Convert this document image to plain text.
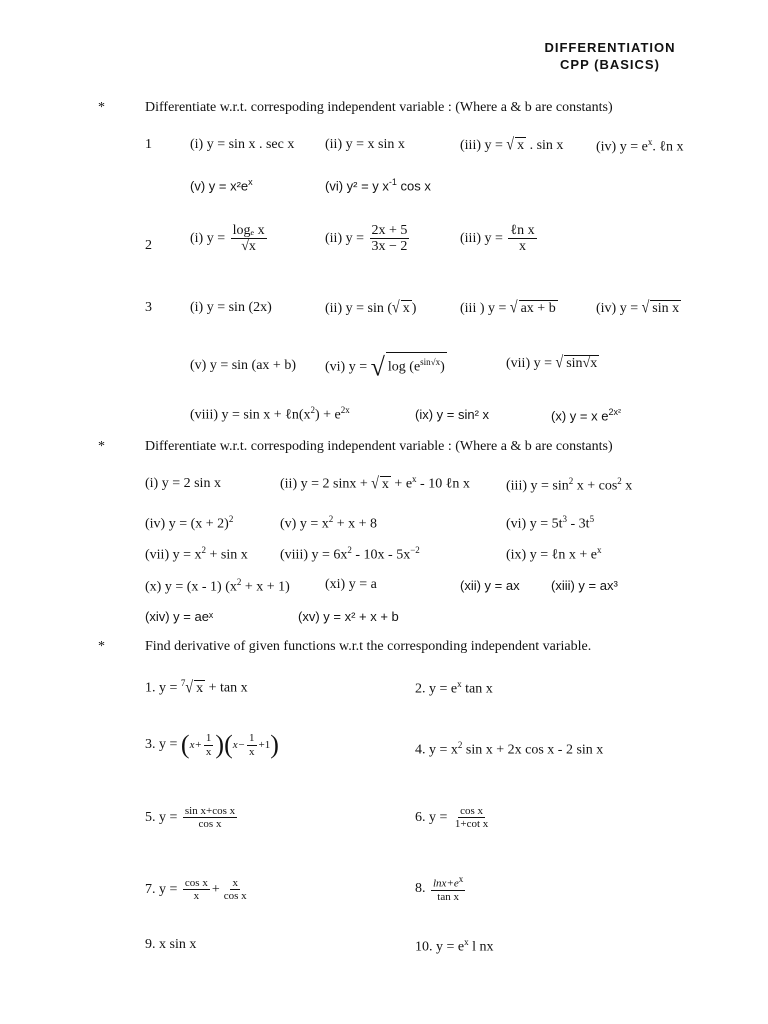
DIFFERENTIATION
CPP (BASICS)
*	Differentiate w.r.t. correspoding independent variable : (Where a & b are constants)
1	(i) y = sin x . sec x (ii) y = x sin x	(iii) y = √ x . sin x (iv) $y = e^x$. ℓn x
(v) $y = x^2e^x$	(vi) y² = y $x^{-1}$ cos x
2	(i) $y = \frac{\text{logₑ x}}{√x}$	(ii) $y = \frac{2x + 5}{3x - 2}$	(iii) $y = \frac{\text{ℓn x}}{x}$
3	(i) y = sin (2x)	(ii) y = sin (√ x )	(iii ) y = √ ax + b	(iv) y = √ sin x
(v) y = sin (ax + b) (vi) y = √ $\log (e^{sin√x})$	(vii) y = √ sin√x
(viii) $y = \sin x + \ell n(x^2) + e^{2x}$	(ix) y = sin² x	(x) y = x $e^{2x^2}$
*	Differentiate w.r.t. correspoding independent variable : (Where a & b are constants)
(i) y = 2 sin x	(ii) y = 2 sinx + √ $x + e^x - 10$ ℓn x	(iii) $y = \sin^2 x + \cos^2 x$
(iv) $y = (x + 2)^2$	(v) $y = x^2 + x + 8$	(vi) $y = 5t^3 - 3t^5$
(vii) $y = x^2 + \sin x$ (viii) $y = 6x^2 - 10x - 5x^{-2}$	(ix) y = ℓn $x + e^x$
(x) y = (x - 1) $(x^2 + x + 1)$	(xi) y = a	(xii) y = ax (xiii) y = ax³
(xiv) y = aeˣ	(xv) y = x² + x + b
*	Find derivative of given functions w.r.t the corresponding independent variable.
1. y = $^7$√ x + tan x	2. $y = e^x$ tan x
3. $y = (x+ \frac{1}{x} )(x- \frac{1}{x} +1)$	4. $y = x^2$ sin x + 2x cos x - 2 sin x
5. $y = \frac{\text{sin x+cos x}}{\text{cos x}}$	6. $y = \frac{\text{cos x}}{\text{1+cot x}}$
7. $y = \frac{\text{cos x}}{x} + \frac{x}{\text{cos x}}$	8. $\frac{\ln x+e^x}{\text{tan x}}$
9. x sin x	10. $y = e^x$ l nx
